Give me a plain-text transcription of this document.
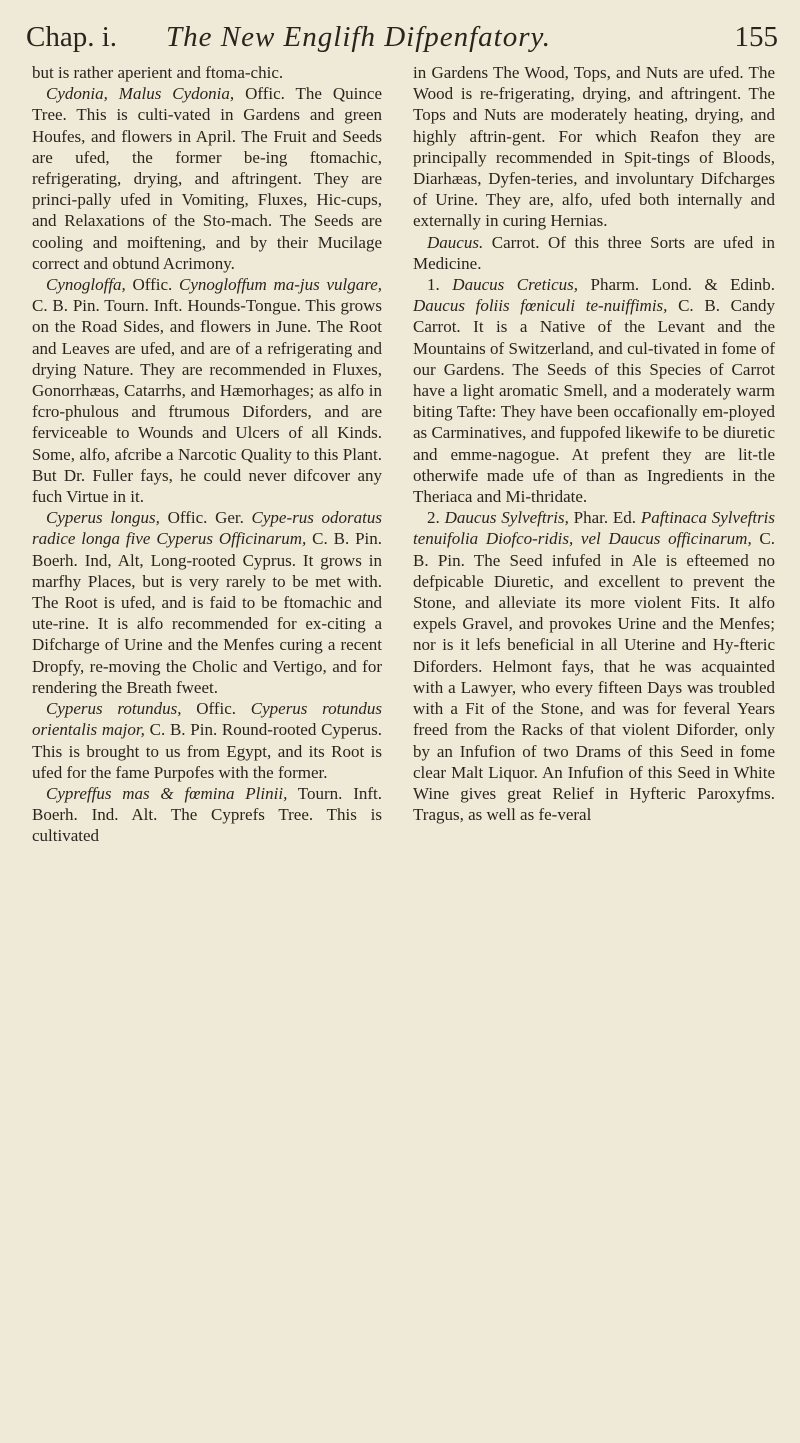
Chap. i. The New Englifh Difpenfatory.	155

but is rather aperient and ftoma-chic.

Cydonia, Malus Cydonia, Offic. The Quince Tree. This is culti-vated in Gardens and green Houfes, and flowers in April. The Fruit and Seeds are ufed, the former be-ing ftomachic, refrigerating, drying, and aftringent. They are princi-pally ufed in Vomiting, Fluxes, Hic-cups, and Relaxations of the Sto-mach. The Seeds are cooling and moiftening, and by their Mucilage correct and obtund Acrimony.

Cynogloffa, Offic. Cynogloffum ma-jus vulgare, C. B. Pin. Tourn. Inft. Hounds-Tongue. This grows on the Road Sides, and flowers in June. The Root and Leaves are ufed, and are of a refrigerating and drying Nature. They are recommended in Fluxes, Gonorrhæas, Catarrhs, and Hæmorhages; as alfo in fcro-phulous and ftrumous Diforders, and are ferviceable to Wounds and Ulcers of all Kinds. Some, alfo, afcribe a Narcotic Quality to this Plant. But Dr. Fuller fays, he could never difcover any fuch Virtue in it.

Cyperus longus, Offic. Ger. Cype-rus odoratus radice longa five Cyperus Officinarum, C. B. Pin. Boerh. Ind, Alt, Long-rooted Cyprus. It grows in marfhy Places, but is very rarely to be met with. The Root is ufed, and is faid to be ftomachic and ute-rine. It is alfo recommended for ex-citing a Difcharge of Urine and the Menfes curing a recent Dropfy, re-moving the Cholic and Vertigo, and for rendering the Breath fweet.

Cyperus rotundus, Offic. Cyperus rotundus orientalis major, C. B. Pin. Round-rooted Cyperus. This is brought to us from Egypt, and its Root is ufed for the fame Purpofes with the former.

Cypreffus mas & fœmina Plinii, Tourn. Inft. Boerh. Ind. Alt. The Cyprefs Tree. This is cultivated

in Gardens The Wood, Tops, and Nuts are ufed. The Wood is re-frigerating, drying, and aftringent. The Tops and Nuts are moderately heating, drying, and highly aftrin-gent. For which Reafon they are principally recommended in Spit-tings of Bloods, Diarhæas, Dyfen-teries, and involuntary Difcharges of Urine. They are, alfo, ufed both internally and externally in curing Hernias.

Daucus. Carrot. Of this three Sorts are ufed in Medicine.

1. Daucus Creticus, Pharm. Lond. & Edinb. Daucus foliis fœniculi te-nuiffimis, C. B. Candy Carrot. It is a Native of the Levant and the Mountains of Switzerland, and cul-tivated in fome of our Gardens. The Seeds of this Species of Carrot have a light aromatic Smell, and a moderately warm biting Tafte: They have been occafionally em-ployed as Carminatives, and fuppofed likewife to be diuretic and emme-nagogue. At prefent they are lit-tle otherwife made ufe of than as Ingredients in the Theriaca and Mi-thridate.

2. Daucus Sylveftris, Phar. Ed. Paftinaca Sylveftris tenuifolia Diofco-ridis, vel Daucus officinarum, C. B. Pin. The Seed infufed in Ale is efteemed no defpicable Diuretic, and excellent to prevent the Stone, and alleviate its more violent Fits. It alfo expels Gravel, and provokes Urine and the Menfes; nor is it lefs beneficial in all Uterine and Hy-fteric Diforders. Helmont fays, that he was acquainted with a Lawyer, who every fifteen Days was troubled with a Fit of the Stone, and was for feveral Years freed from the Racks of that violent Diforder, only by an Infufion of two Drams of this Seed in fome clear Malt Liquor. An Infufion of this Seed in White Wine gives great Relief in Hyfteric Paroxyfms. Tragus, as well as fe-veral
